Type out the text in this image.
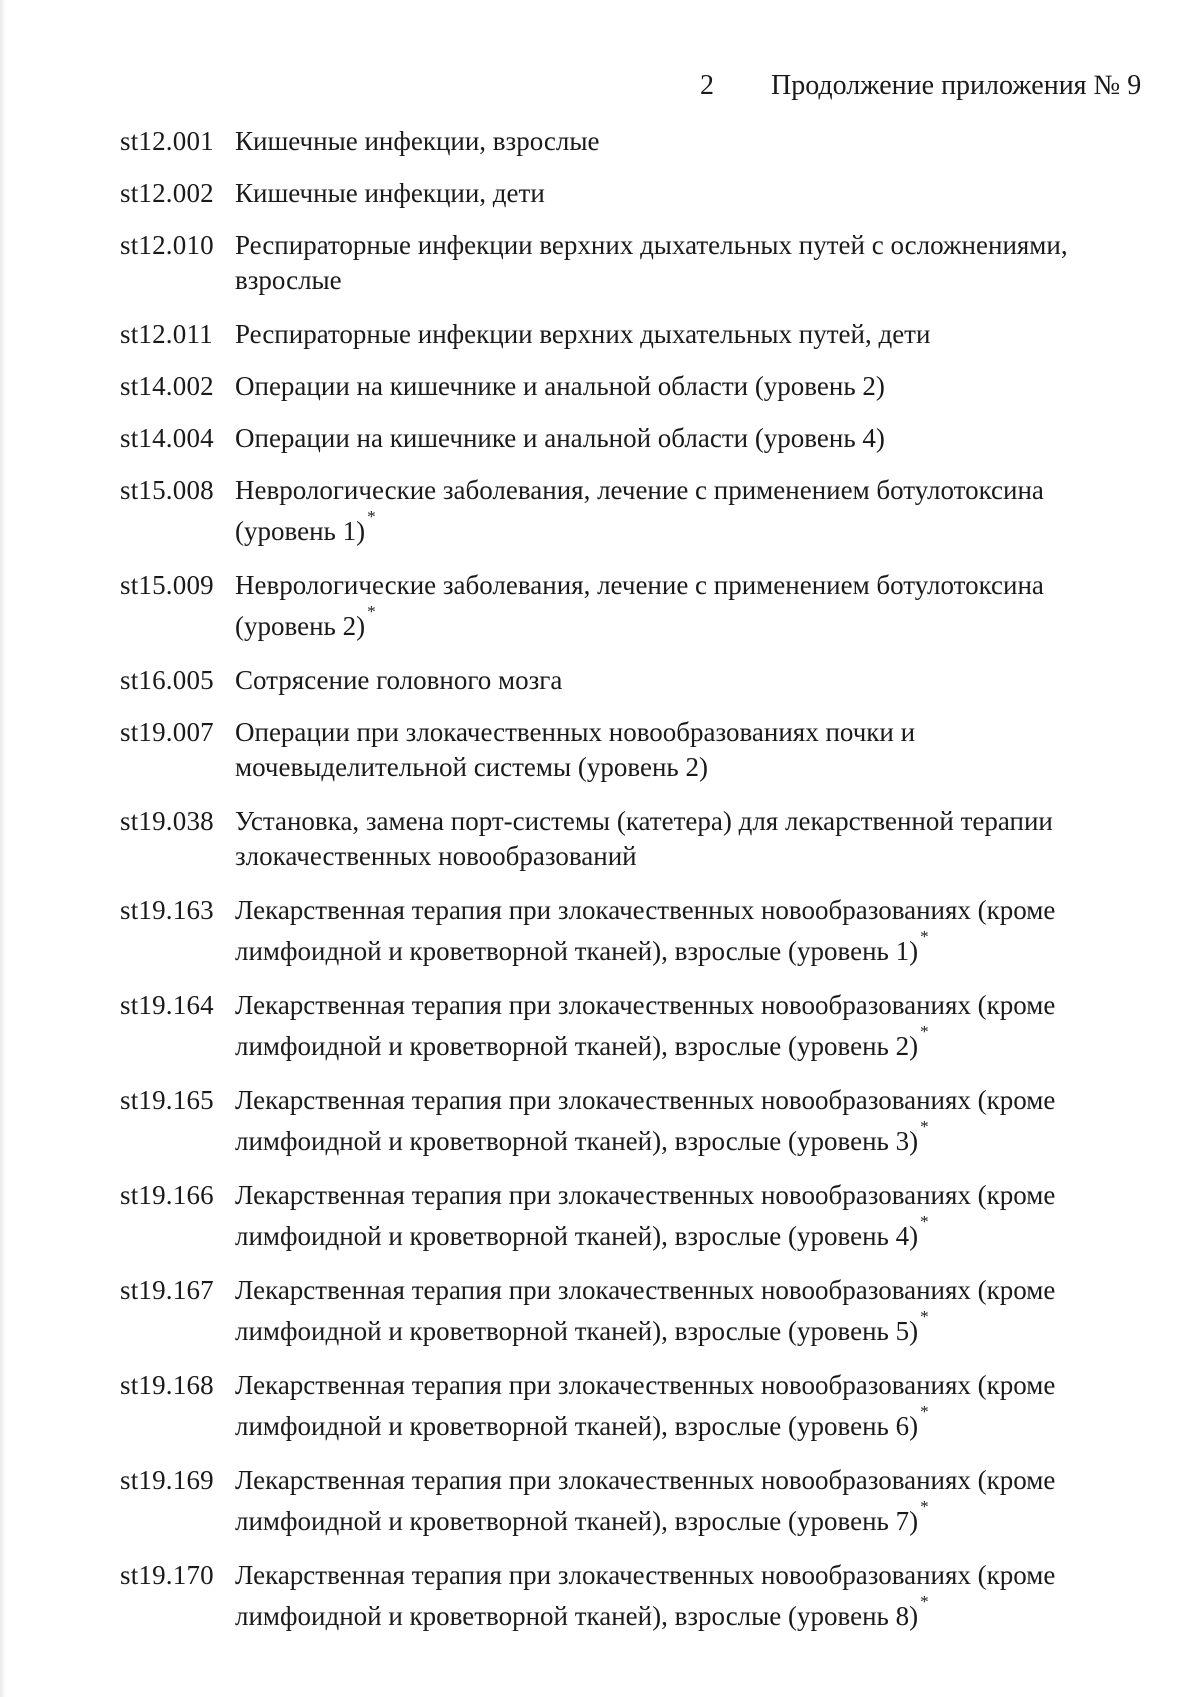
2 Продолжение приложения № 9
st12.001 Кишечные инфекции, взрослые
st12.002 Кишечные инфекции, дети
st12.010 Респираторные инфекции верхних дыхательных путей с осложнениями, взрослые
st12.011 Респираторные инфекции верхних дыхательных путей, дети
st14.002 Операции на кишечнике и анальной области (уровень 2)
st14.004 Операции на кишечнике и анальной области (уровень 4)
st15.008 Неврологические заболевания, лечение с применением ботулотоксина (уровень 1) *
st15.009 Неврологические заболевания, лечение с применением ботулотоксина (уровень 2) *
st16.005 Сотрясение головного мозга
st19.007 Операции при злокачественных новообразованиях почки и мочевыделительной системы (уровень 2)
st19.038 Установка, замена порт-системы (катетера) для лекарственной терапии злокачественных новообразований
st19.163 Лекарственная терапия при злокачественных новообразованиях (кроме лимфоидной и кроветворной тканей), взрослые (уровень 1) *
st19.164 Лекарственная терапия при злокачественных новообразованиях (кроме лимфоидной и кроветворной тканей), взрослые (уровень 2) *
st19.165 Лекарственная терапия при злокачественных новообразованиях (кроме лимфоидной и кроветворной тканей), взрослые (уровень 3) *
st19.166 Лекарственная терапия при злокачественных новообразованиях (кроме лимфоидной и кроветворной тканей), взрослые (уровень 4) *
st19.167 Лекарственная терапия при злокачественных новообразованиях (кроме лимфоидной и кроветворной тканей), взрослые (уровень 5) *
st19.168 Лекарственная терапия при злокачественных новообразованиях (кроме лимфоидной и кроветворной тканей), взрослые (уровень 6) *
st19.169 Лекарственная терапия при злокачественных новообразованиях (кроме лимфоидной и кроветворной тканей), взрослые (уровень 7) *
st19.170 Лекарственная терапия при злокачественных новообразованиях (кроме лимфоидной и кроветворной тканей), взрослые (уровень 8) *
